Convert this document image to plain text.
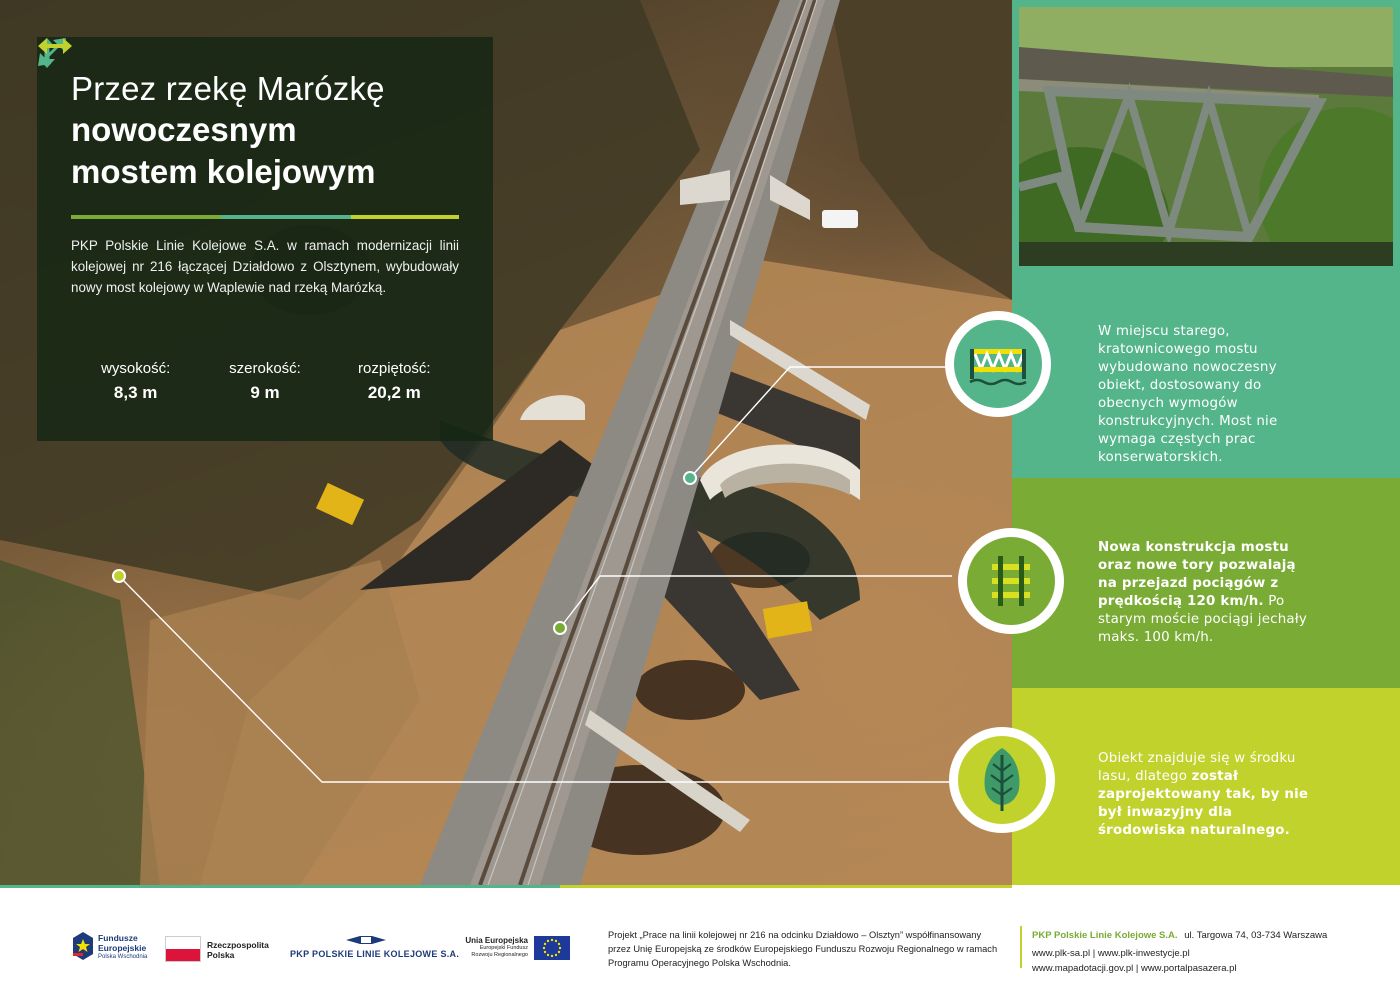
Przez rzekę Marózkę
nowoczesnym
mostem kolejowym
PKP Polskie Linie Kolejowe S.A. w ramach modernizacji linii kolejowej nr 216 łączącej Działdowo z Olsztynem, wybudowały nowy most kolejowy w Waplewie nad rzeką Marózką.
wysokość:
8,3 m
szerokość:
9 m
rozpiętość:
20,2 m
W miejscu starego, kratownicowego mostu wybudowano nowoczesny obiekt, dostosowany do obecnych wymogów konstrukcyjnych. Most nie wymaga częstych prac konserwatorskich.
Nowa konstrukcja mostu oraz nowe tory pozwalają na przejazd pociągów z prędkością 120 km/h. Po starym moście pociągi jechały maks. 100 km/h.
Obiekt znajduje się w środku lasu, dlatego został zaprojektowany tak, by nie był inwazyjny dla środowiska naturalnego.
Fundusze
Europejskie
Polska Wschodnia
Rzeczpospolita
Polska	PKP POLSKIE LINIE KOLEJOWE S.A.
Unia Europejska
Europejski Fundusz
Rozwoju Regionalnego
Projekt „Prace na linii kolejowej nr 216 na odcinku Działdowo – Olsztyn” współfinansowany przez Unię Europejską ze środków Europejskiego Funduszu Rozwoju Regionalnego w ramach Programu Operacyjnego Polska Wschodnia.
PKP Polskie Linie Kolejowe S.A. ul. Targowa 74, 03-734 Warszawa
www.plk-sa.pl | www.plk-inwestycje.pl
www.mapadotacji.gov.pl | www.portalpasazera.pl
